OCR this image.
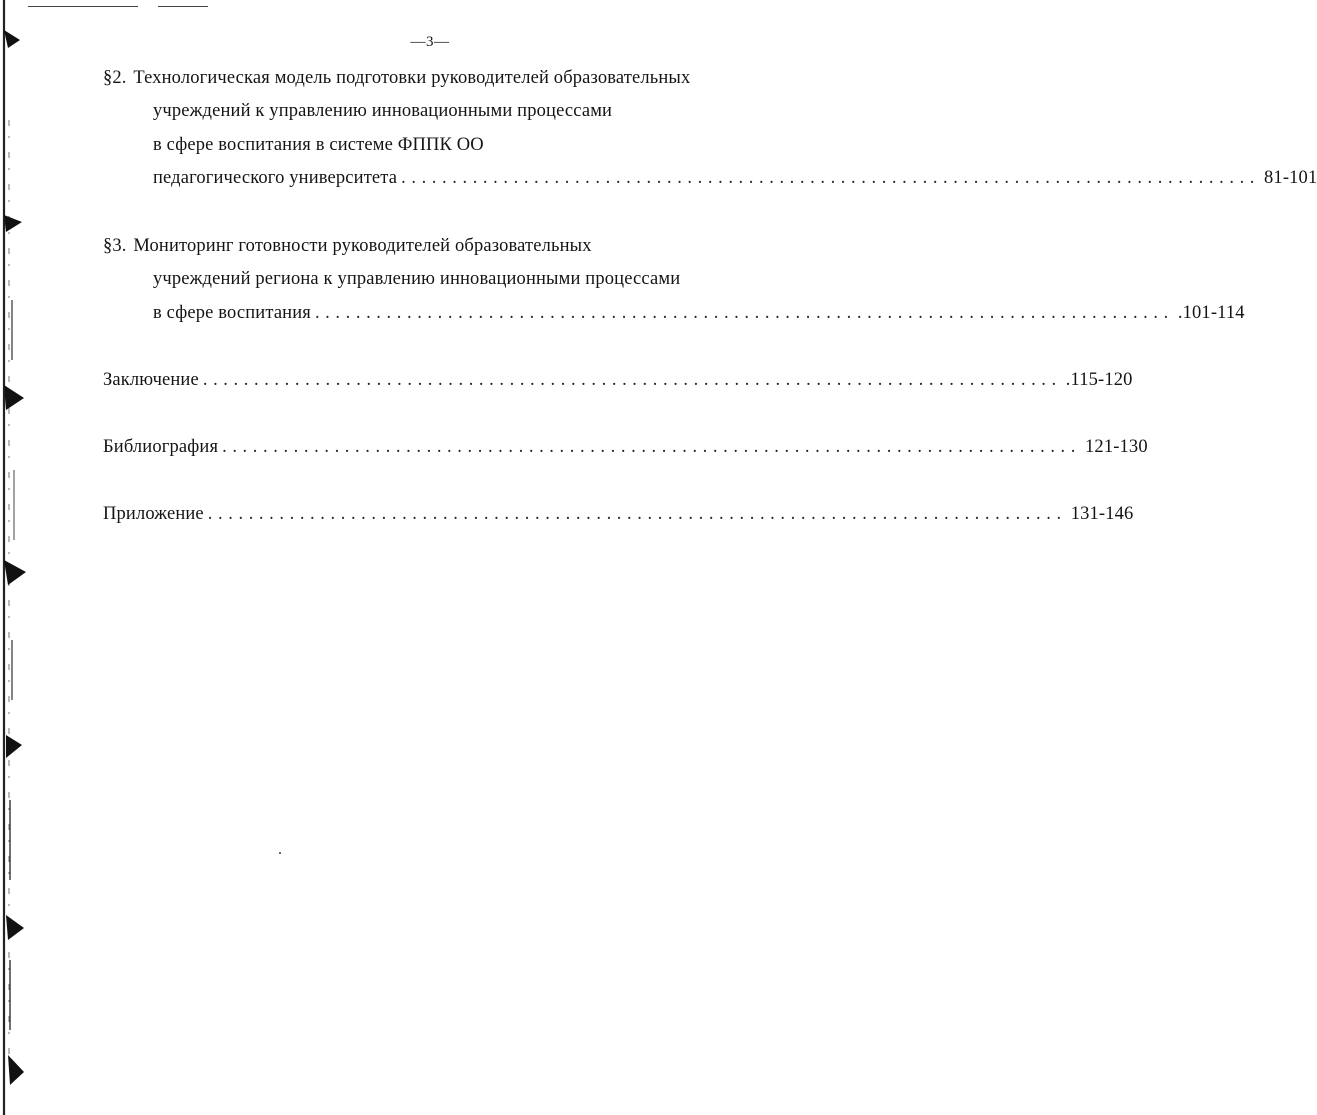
—3—
§2. Технологическая модель подготовки руководителей образовательных
учреждений к управлению инновационными процессами
в сфере воспитания в системе ФППК ОО
педагогического университета .................................................................................... 81-101
§3. Мониторинг готовности руководителей образовательных
учреждений региона к управлению инновационными процессами
в сфере воспитания .................................................................................... .101-114
Заключение .................................................................................... .115-120
Библиография .................................................................................... 121-130
Приложение .................................................................................... 131-146
